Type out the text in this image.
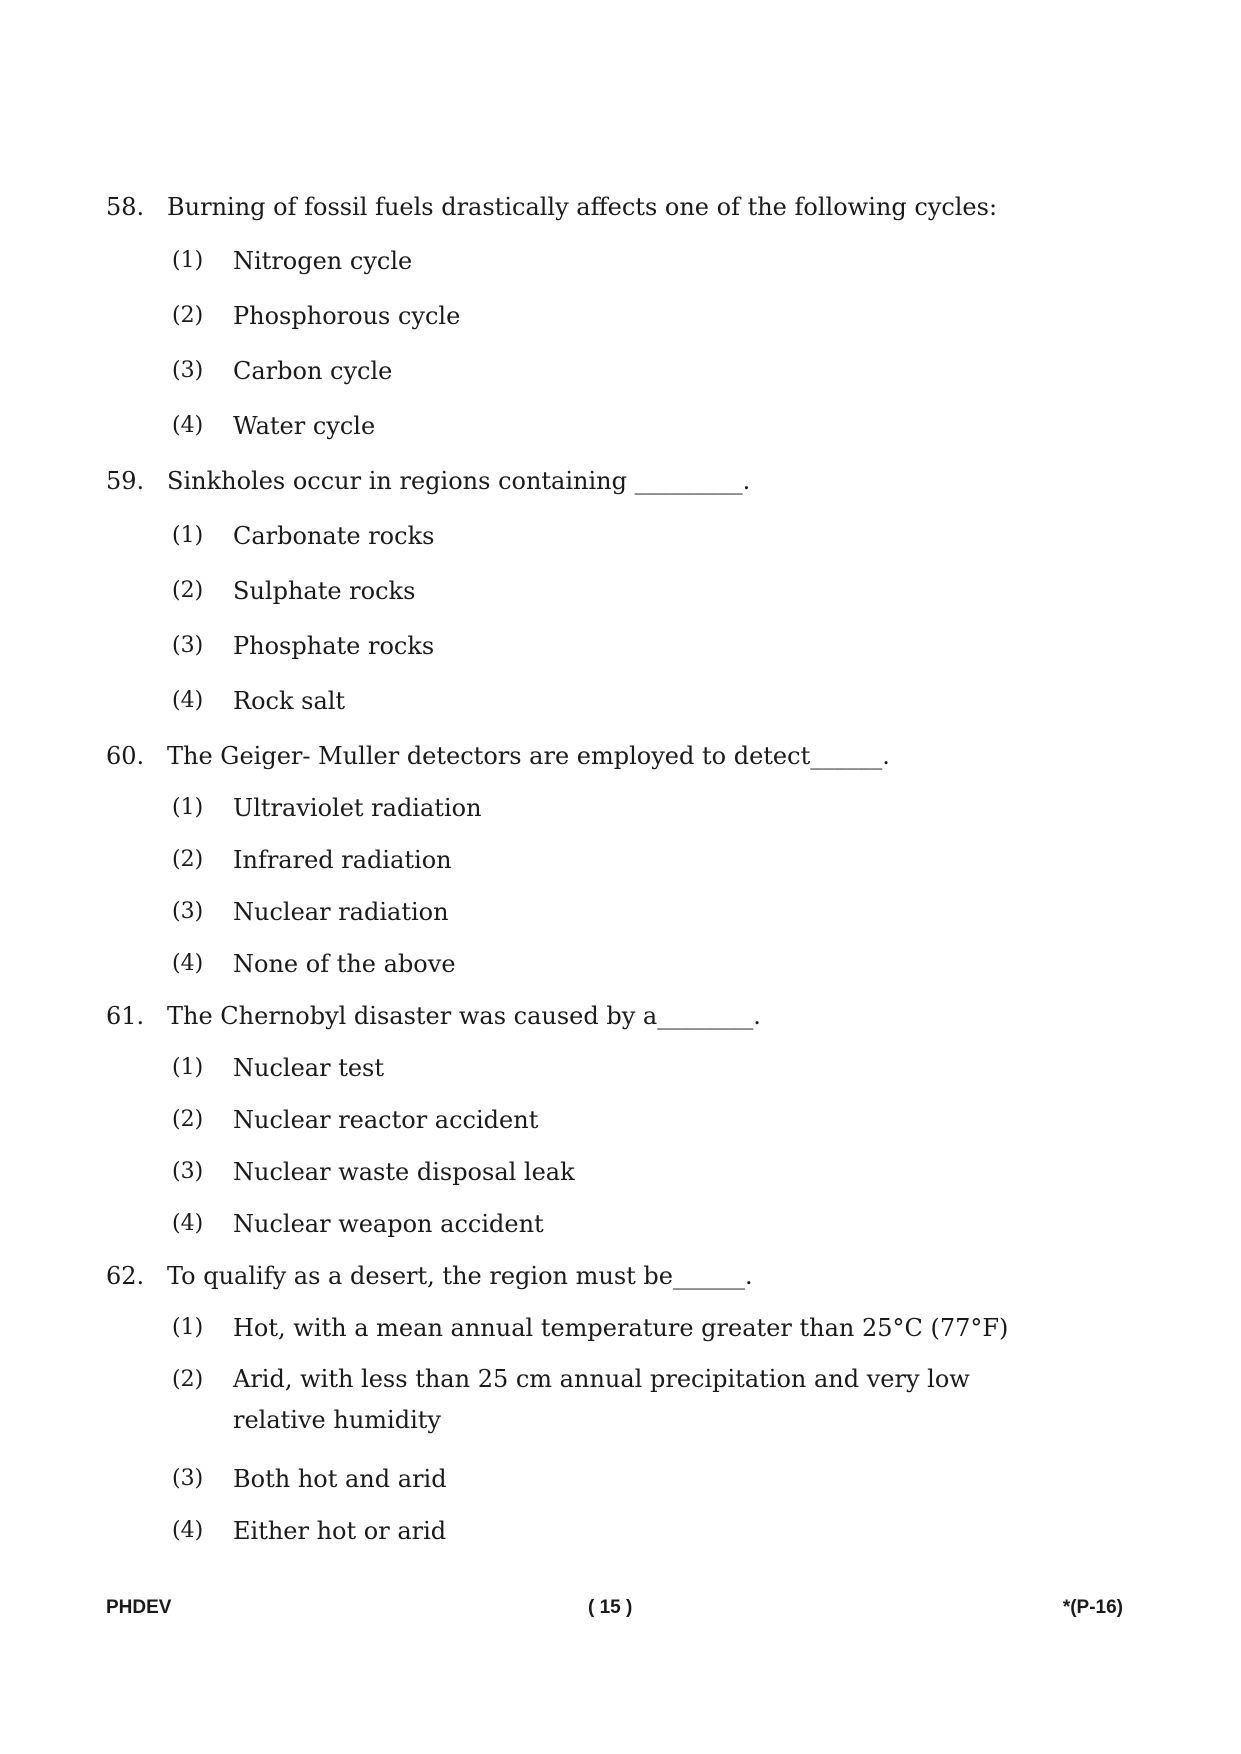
58. Burning of fossil fuels drastically affects one of the following cycles:
(1) Nitrogen cycle
(2) Phosphorous cycle
(3) Carbon cycle
(4) Water cycle
59. Sinkholes occur in regions containing _________.
(1) Carbonate rocks
(2) Sulphate rocks
(3) Phosphate rocks
(4) Rock salt
60. The Geiger- Muller detectors are employed to detect______.
(1) Ultraviolet radiation
(2) Infrared radiation
(3) Nuclear radiation
(4) None of the above
61. The Chernobyl disaster was caused by a________.
(1) Nuclear test
(2) Nuclear reactor accident
(3) Nuclear waste disposal leak
(4) Nuclear weapon accident
62. To qualify as a desert, the region must be______.
(1) Hot, with a mean annual temperature greater than 25°C (77°F)
(2) Arid, with less than 25 cm annual precipitation and very low relative humidity
(3) Both hot and arid
(4) Either hot or arid
PHDEV	( 15 )	*(P-16)
